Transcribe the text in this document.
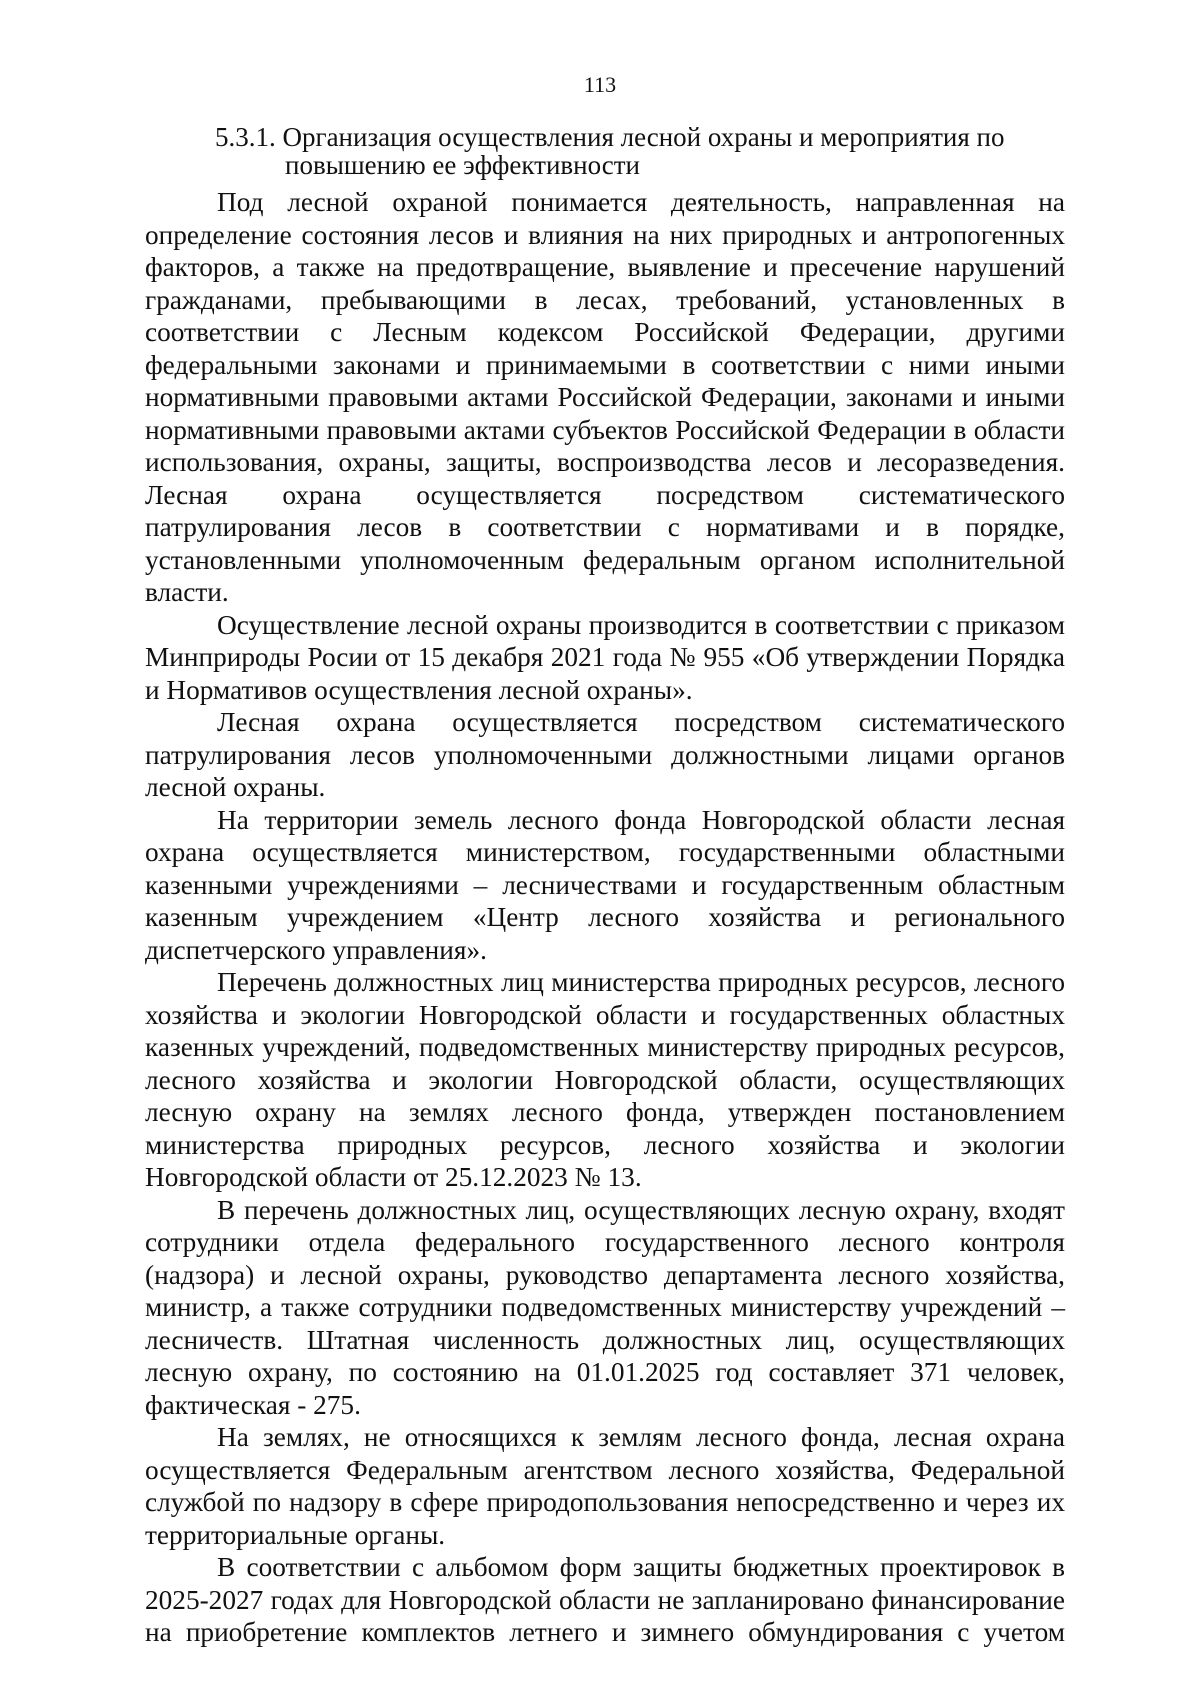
113
5.3.1. Организация осуществления лесной охраны и мероприятия по
повышению ее эффективности

Под лесной охраной понимается деятельность, направленная на определение состояния лесов и влияния на них природных и антропогенных факторов, а также на предотвращение, выявление и пресечение нарушений гражданами, пребывающими в лесах, требований, установленных в соответствии с Лесным кодексом Российской Федерации, другими федеральными законами и принимаемыми в соответствии с ними иными нормативными правовыми актами Российской Федерации, законами и иными нормативными правовыми актами субъектов Российской Федерации в области использования, охраны, защиты, воспроизводства лесов и лесоразведения. Лесная охрана осуществляется посредством систематического патрулирования лесов в соответствии с нормативами и в порядке, установленными уполномоченным федеральным органом исполнительной власти.

Осуществление лесной охраны производится в соответствии с приказом Минприроды Росии от 15 декабря 2021 года № 955 «Об утверждении Порядка и Нормативов осуществления лесной охраны».

Лесная охрана осуществляется посредством систематического патрулирования лесов уполномоченными должностными лицами органов лесной охраны.

На территории земель лесного фонда Новгородской области лесная охрана осуществляется министерством, государственными областными казенными учреждениями – лесничествами и государственным областным казенным учреждением «Центр лесного хозяйства и регионального диспетчерского управления».

Перечень должностных лиц министерства природных ресурсов, лесного хозяйства и экологии Новгородской области и государственных областных казенных учреждений, подведомственных министерству природных ресурсов, лесного хозяйства и экологии Новгородской области, осуществляющих лесную охрану на землях лесного фонда, утвержден постановлением министерства природных ресурсов, лесного хозяйства и экологии Новгородской области от 25.12.2023 № 13.

В перечень должностных лиц, осуществляющих лесную охрану, входят сотрудники отдела федерального государственного лесного контроля (надзора) и лесной охраны, руководство департамента лесного хозяйства, министр, а также сотрудники подведомственных министерству учреждений – лесничеств. Штатная численность должностных лиц, осуществляющих лесную охрану, по состоянию на 01.01.2025 год составляет 371 человек, фактическая - 275.

На землях, не относящихся к землям лесного фонда, лесная охрана осуществляется Федеральным агентством лесного хозяйства, Федеральной службой по надзору в сфере природопользования непосредственно и через их территориальные органы.

В соответствии с альбомом форм защиты бюджетных проектировок в 2025-2027 годах для Новгородской области не запланировано финансирование на приобретение комплектов летнего и зимнего обмундирования с учетом
